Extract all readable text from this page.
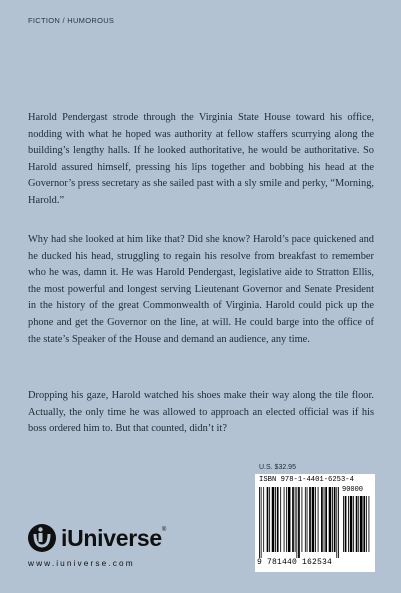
FICTION / HUMOROUS

Harold Pendergast strode through the Virginia State House toward his office, nodding with what he hoped was authority at fellow staffers scurrying along the building’s lengthy halls. If he looked authoritative, he would be authoritative. So Harold assured himself, pressing his lips together and bobbing his head at the Governor’s press secretary as she sailed past with a sly smile and perky, “Morning, Harold.”

Why had she looked at him like that? Did she know? Harold’s pace quickened and he ducked his head, struggling to regain his resolve from breakfast to remember who he was, damn it. He was Harold Pendergast, legislative aide to Stratton Ellis, the most powerful and longest serving Lieutenant Governor and Senate President in the history of the great Commonwealth of Virginia. Harold could pick up the phone and get the Governor on the line, at will. He could barge into the office of the state’s Speaker of the House and demand an audience, any time.

Dropping his gaze, Harold watched his shoes make their way along the tile floor. Actually, the only time he was allowed to approach an elected official was if his boss ordered him to. But that counted, didn’t it?

U.S. $32.95
ISBN 978-1-4401-6253-4
90000
9 781440 162534
iUniverse ®
www.iuniverse.com
